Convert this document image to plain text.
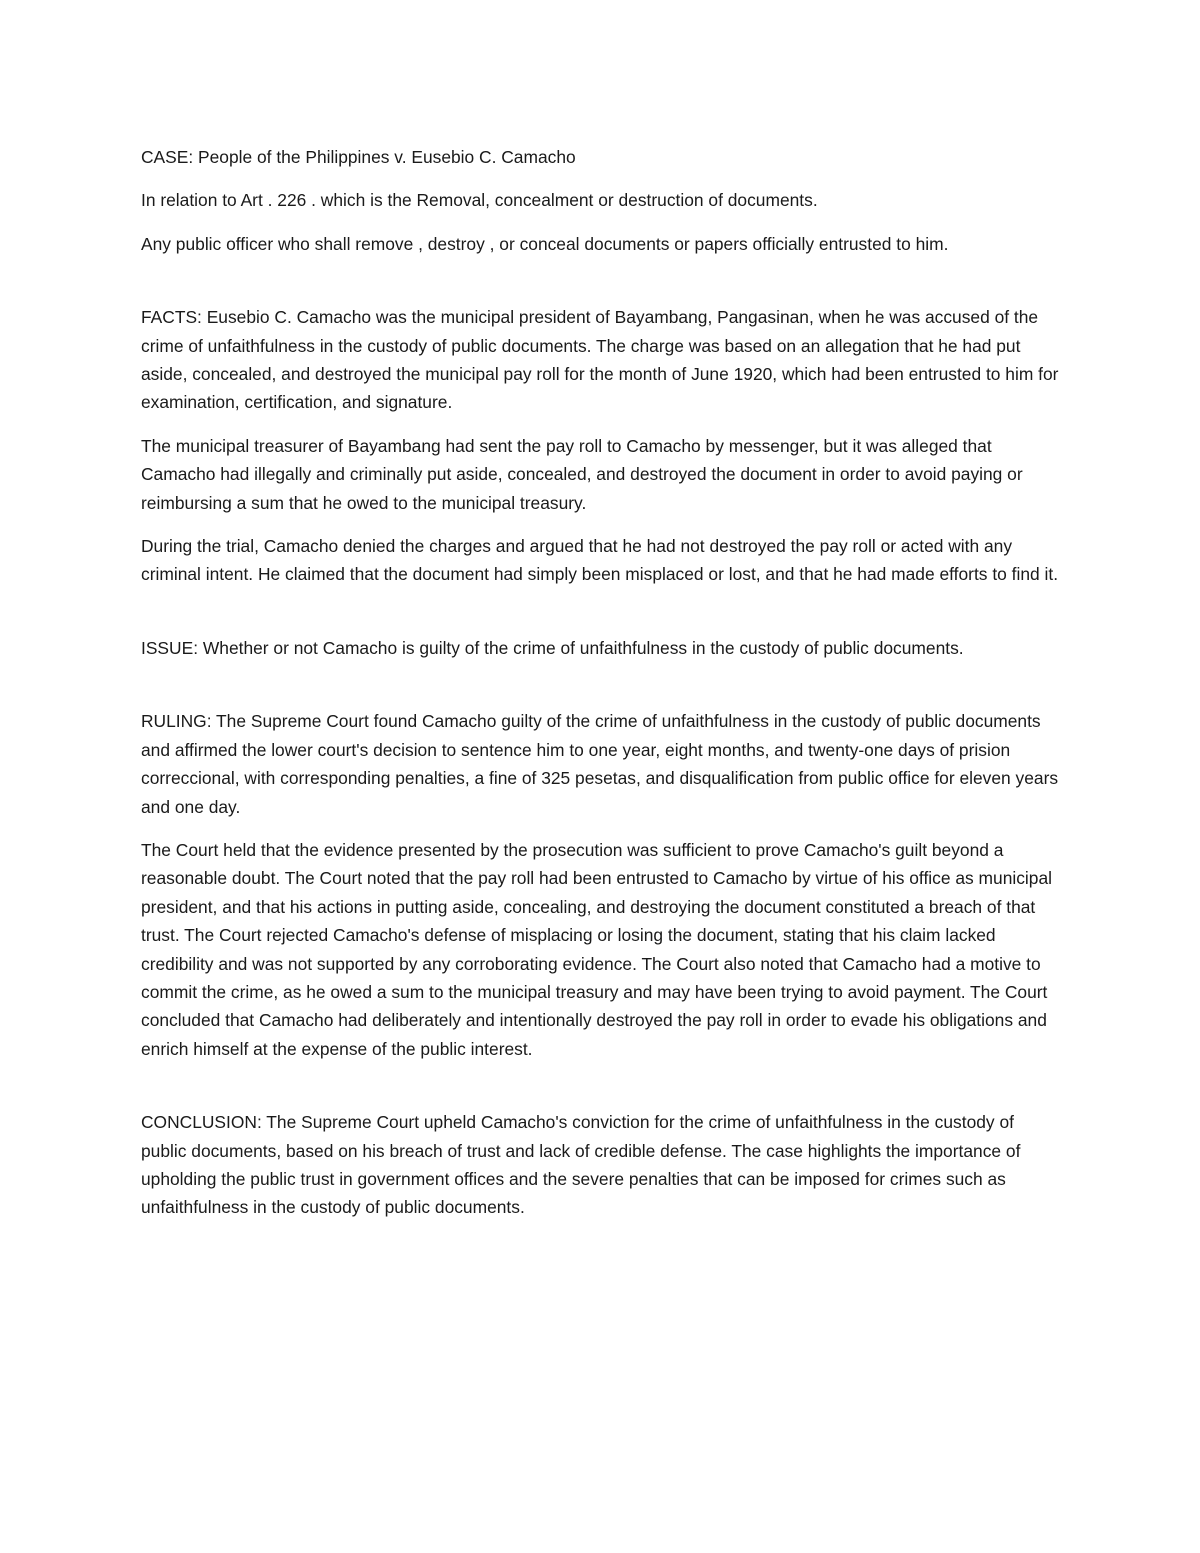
CASE: People of the Philippines v. Eusebio C. Camacho

In relation to Art . 226 . which is the Removal, concealment or destruction of documents.

Any public officer who shall remove , destroy , or conceal documents or papers officially entrusted to him.

FACTS: Eusebio C. Camacho was the municipal president of Bayambang, Pangasinan, when he was accused of the crime of unfaithfulness in the custody of public documents. The charge was based on an allegation that he had put aside, concealed, and destroyed the municipal pay roll for the month of June 1920, which had been entrusted to him for examination, certification, and signature.

The municipal treasurer of Bayambang had sent the pay roll to Camacho by messenger, but it was alleged that Camacho had illegally and criminally put aside, concealed, and destroyed the document in order to avoid paying or reimbursing a sum that he owed to the municipal treasury.

During the trial, Camacho denied the charges and argued that he had not destroyed the pay roll or acted with any criminal intent. He claimed that the document had simply been misplaced or lost, and that he had made efforts to find it.

ISSUE: Whether or not Camacho is guilty of the crime of unfaithfulness in the custody of public documents.

RULING: The Supreme Court found Camacho guilty of the crime of unfaithfulness in the custody of public documents and affirmed the lower court's decision to sentence him to one year, eight months, and twenty-one days of prision correccional, with corresponding penalties, a fine of 325 pesetas, and disqualification from public office for eleven years and one day.

The Court held that the evidence presented by the prosecution was sufficient to prove Camacho's guilt beyond a reasonable doubt. The Court noted that the pay roll had been entrusted to Camacho by virtue of his office as municipal president, and that his actions in putting aside, concealing, and destroying the document constituted a breach of that trust. The Court rejected Camacho's defense of misplacing or losing the document, stating that his claim lacked credibility and was not supported by any corroborating evidence. The Court also noted that Camacho had a motive to commit the crime, as he owed a sum to the municipal treasury and may have been trying to avoid payment. The Court concluded that Camacho had deliberately and intentionally destroyed the pay roll in order to evade his obligations and enrich himself at the expense of the public interest.

CONCLUSION: The Supreme Court upheld Camacho's conviction for the crime of unfaithfulness in the custody of public documents, based on his breach of trust and lack of credible defense. The case highlights the importance of upholding the public trust in government offices and the severe penalties that can be imposed for crimes such as unfaithfulness in the custody of public documents.
